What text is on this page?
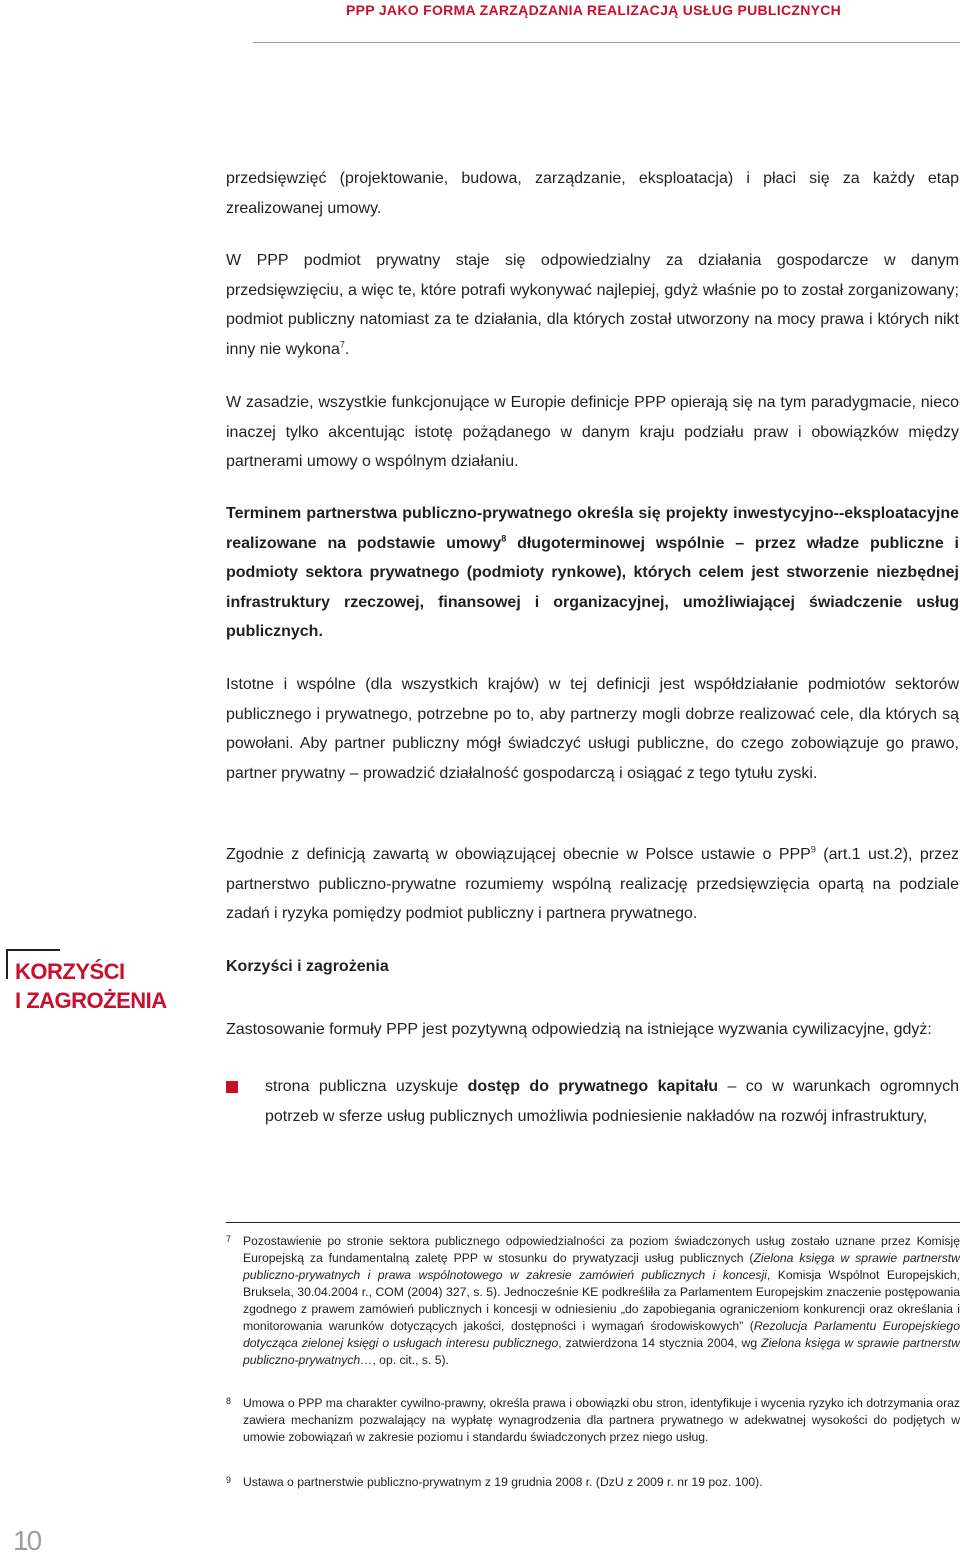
PPP JAKO FORMA ZARZĄDZANIA REALIZACJĄ USŁUG PUBLICZNYCH

przedsięwzięć (projektowanie, budowa, zarządzanie, eksploatacja) i płaci się za każdy etap zrealizowanej umowy.

W PPP podmiot prywatny staje się odpowiedzialny za działania gospodarcze w danym przedsięwzięciu, a więc te, które potrafi wykonywać najlepiej, gdyż właśnie po to został zorganizowany; podmiot publiczny natomiast za te działania, dla których został utworzony na mocy prawa i których nikt inny nie wykona$^7$.

W zasadzie, wszystkie funkcjonujące w Europie definicje PPP opierają się na tym paradygmacie, nieco inaczej tylko akcentując istotę pożądanego w danym kraju podziału praw i obowiązków między partnerami umowy o wspólnym działaniu.

Terminem partnerstwa publiczno-prywatnego określa się projekty inwestycyjno--eksploatacyjne realizowane na podstawie umowy$^8$ długoterminowej wspólnie – przez władze publiczne i podmioty sektora prywatnego (podmioty rynkowe), których celem jest stworzenie niezbędnej infrastruktury rzeczowej, finansowej i organizacyjnej, umożliwiającej świadczenie usług publicznych.

Istotne i wspólne (dla wszystkich krajów) w tej definicji jest współdziałanie podmiotów sektorów publicznego i prywatnego, potrzebne po to, aby partnerzy mogli dobrze realizować cele, dla których są powołani. Aby partner publiczny mógł świadczyć usługi publiczne, do czego zobowiązuje go prawo, partner prywatny – prowadzić działalność gospodarczą i osiągać z tego tytułu zyski.

Zgodnie z definicją zawartą w obowiązującej obecnie w Polsce ustawie o PPP$^9$ (art.1 ust.2), przez partnerstwo publiczno-prywatne rozumiemy wspólną realizację przedsięwzięcia opartą na podziale zadań i ryzyka pomiędzy podmiot publiczny i partnera prywatnego.

KORZYŚCI
I ZAGROŻENIA
Korzyści i zagrożenia

Zastosowanie formuły PPP jest pozytywną odpowiedzią na istniejące wyzwania cywilizacyjne, gdyż:

strona publiczna uzyskuje dostęp do prywatnego kapitału – co w warunkach ogromnych potrzeb w sferze usług publicznych umożliwia podniesienie nakładów na rozwój infrastruktury,
7 Pozostawienie po stronie sektora publicznego odpowiedzialności za poziom świadczonych usług zostało uznane przez Komisję Europejską za fundamentalną zaletę PPP w stosunku do prywatyzacji usług publicznych (Zielona księga w sprawie partnerstw publiczno-prywatnych i prawa wspólnotowego w zakresie zamówień publicznych i koncesji, Komisja Wspólnot Europejskich, Bruksela, 30.04.2004 r., COM (2004) 327, s. 5). Jednocześnie KE podkreśliła za Parlamentem Europejskim znaczenie postępowania zgodnego z prawem zamówień publicznych i koncesji w odniesieniu „do zapobiegania ograniczeniom konkurencji oraz określania i monitorowania warunków dotyczących jakości, dostępności i wymagań środowiskowych” (Rezolucja Parlamentu Europejskiego dotycząca zielonej księgi o usługach interesu publicznego, zatwierdzona 14 stycznia 2004, wg Zielona księga w sprawie partnerstw publiczno-prywatnych…, op. cit., s. 5).
8 Umowa o PPP ma charakter cywilno-prawny, określa prawa i obowiązki obu stron, identyfikuje i wycenia ryzyko ich dotrzymania oraz zawiera mechanizm pozwalający na wypłatę wynagrodzenia dla partnera prywatnego w adekwatnej wysokości do podjętych w umowie zobowiązań w zakresie poziomu i standardu świadczonych przez niego usług.
9 Ustawa o partnerstwie publiczno-prywatnym z 19 grudnia 2008 r. (DzU z 2009 r. nr 19 poz. 100).
10
